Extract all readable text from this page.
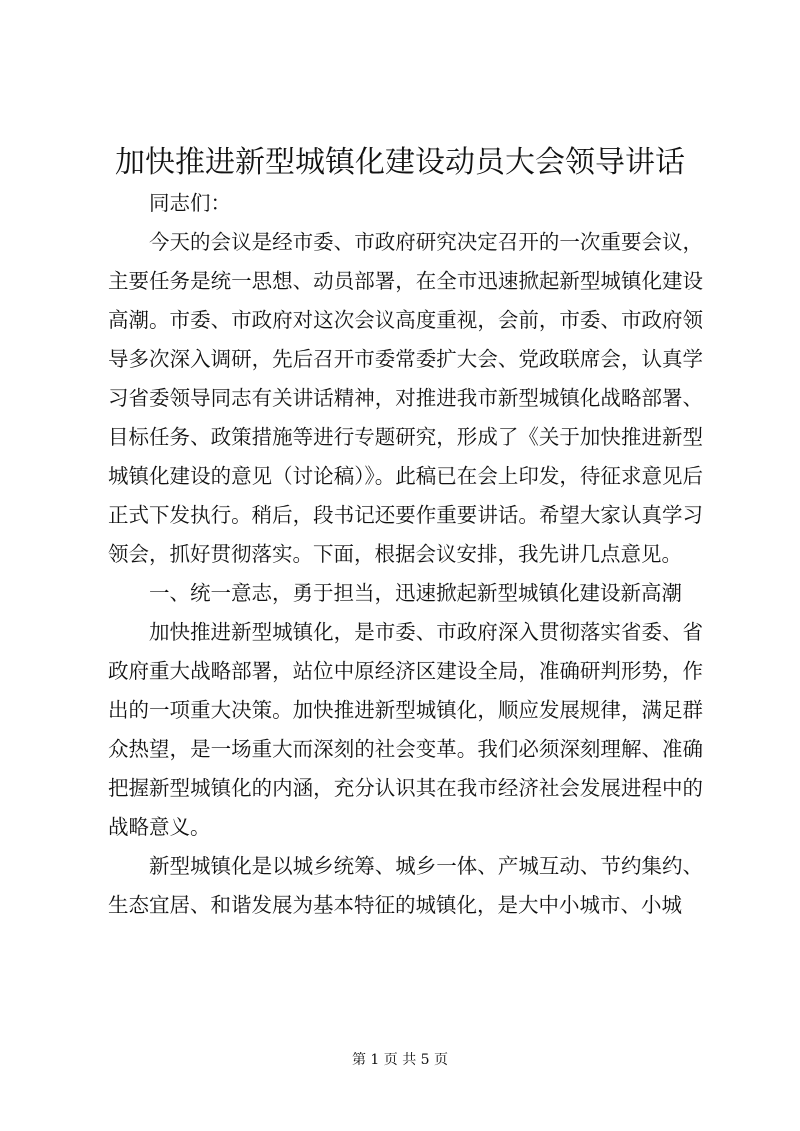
加快推进新型城镇化建设动员大会领导讲话

同志们：

今天的会议是经市委、市政府研究决定召开的一次重要会议，主要任务是统一思想、动员部署，在全市迅速掀起新型城镇化建设高潮。市委、市政府对这次会议高度重视，会前，市委、市政府领导多次深入调研，先后召开市委常委扩大会、党政联席会，认真学习省委领导同志有关讲话精神，对推进我市新型城镇化战略部署、目标任务、政策措施等进行专题研究，形成了《关于加快推进新型城镇化建设的意见（讨论稿）》。此稿已在会上印发，待征求意见后正式下发执行。稍后，段书记还要作重要讲话。希望大家认真学习领会，抓好贯彻落实。下面，根据会议安排，我先讲几点意见。

一、统一意志，勇于担当，迅速掀起新型城镇化建设新高潮

加快推进新型城镇化，是市委、市政府深入贯彻落实省委、省政府重大战略部署，站位中原经济区建设全局，准确研判形势，作出的一项重大决策。加快推进新型城镇化，顺应发展规律，满足群众热望，是一场重大而深刻的社会变革。我们必须深刻理解、准确把握新型城镇化的内涵，充分认识其在我市经济社会发展进程中的战略意义。

新型城镇化是以城乡统筹、城乡一体、产城互动、节约集约、生态宜居、和谐发展为基本特征的城镇化，是大中小城市、小城

第 1 页 共 5 页
